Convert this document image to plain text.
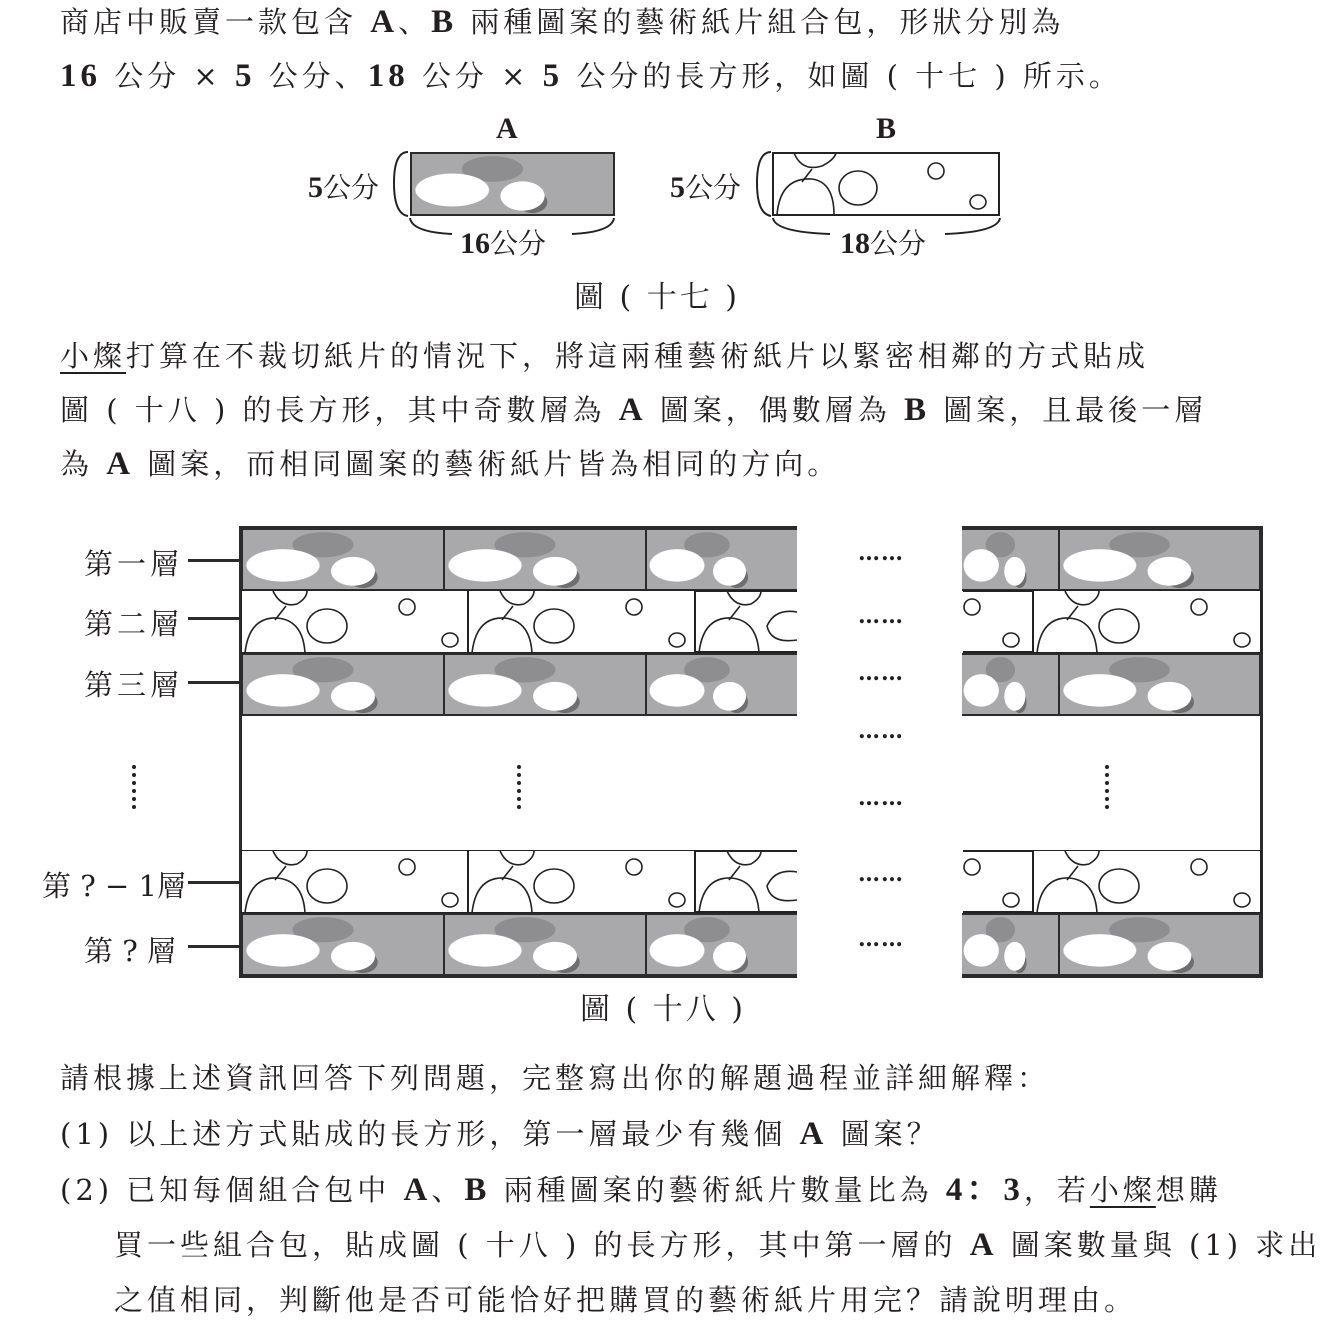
商店中販賣一款包含 A、B 兩種圖案的藝術紙片組合包，形狀分別為
16 公分 × 5 公分、18 公分 × 5 公分的長方形，如圖 ( 十七 ) 所示。
A
5公分
16公分
B
5公分
18公分
圖 ( 十七 )
小燦打算在不裁切紙片的情況下，將這兩種藝術紙片以緊密相鄰的方式貼成
圖 ( 十八 ) 的長方形，其中奇數層為 A 圖案，偶數層為 B 圖案，且最後一層
為 A 圖案，而相同圖案的藝術紙片皆為相同的方向。
……
……
……
……
……
……
……
第一層
第二層
第三層
第 ? − 1層
第 ? 層
圖 ( 十八 )
請根據上述資訊回答下列問題，完整寫出你的解題過程並詳細解釋：
(1) 以上述方式貼成的長方形，第一層最少有幾個 A 圖案？
(2) 已知每個組合包中 A、B 兩種圖案的藝術紙片數量比為 4：3，若小燦想購
買一些組合包，貼成圖 ( 十八 ) 的長方形，其中第一層的 A 圖案數量與 (1) 求出
之值相同，判斷他是否可能恰好把購買的藝術紙片用完？請說明理由。
